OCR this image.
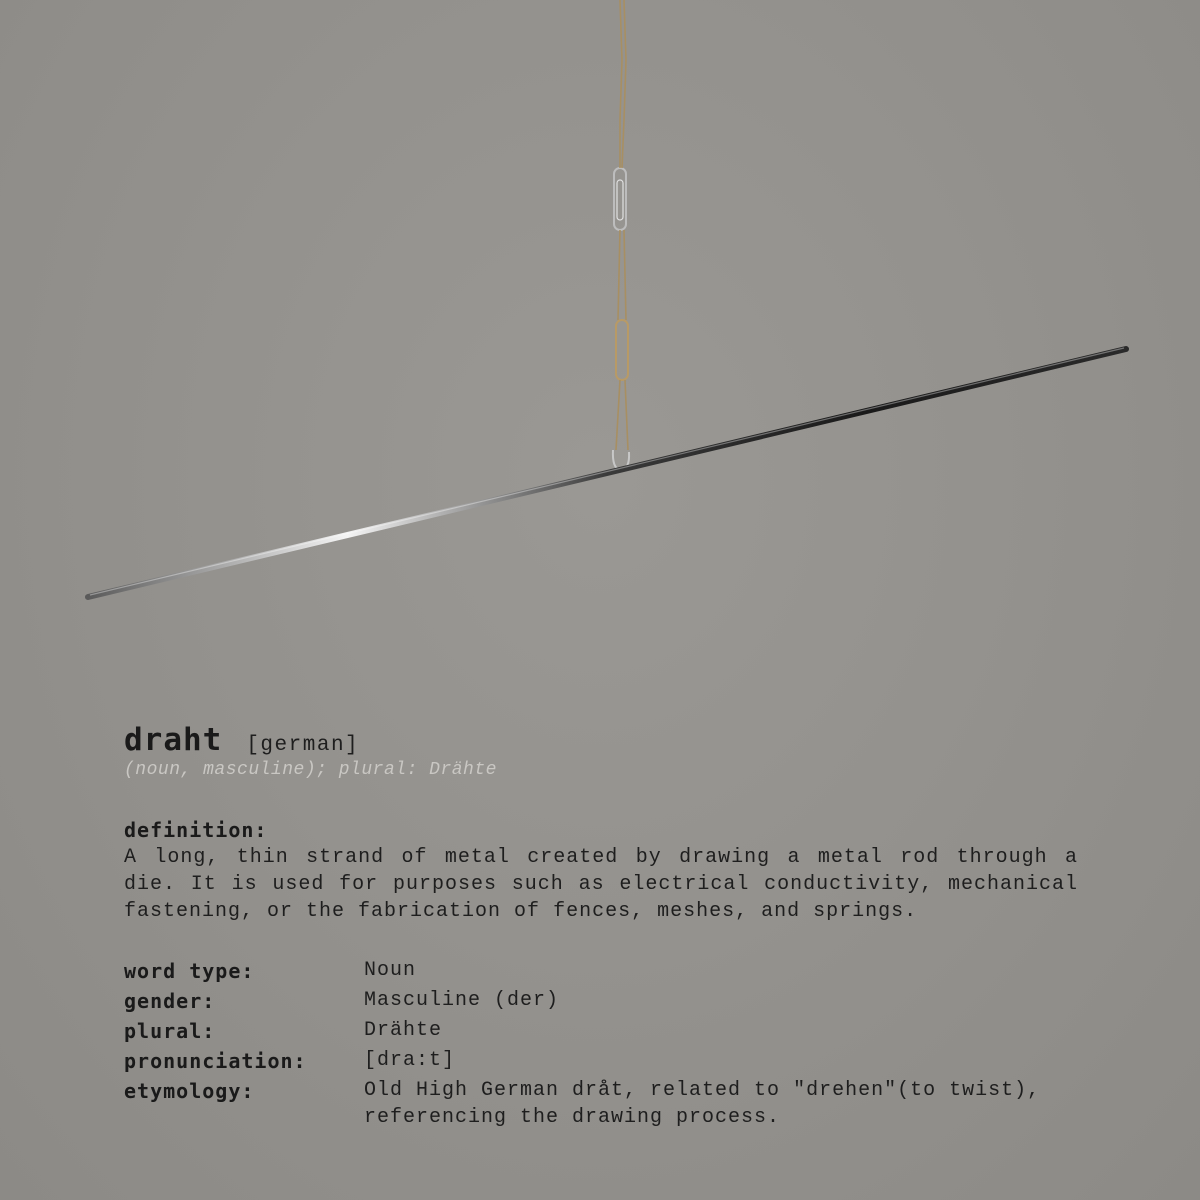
draht [german]
(noun, masculine); plural: Drähte
definition:
A long, thin strand of metal created by drawing a metal rod through a die. It is used for purposes such as electrical conductivity, mechanical fastening, or the fabrication of fences, meshes, and springs.
word type:	Noun
gender:	Masculine (der)
plural:	Drähte
pronunciation:	[dra:t]
etymology:	Old High German dråt, related to "drehen"(to twist), referencing the drawing process.
